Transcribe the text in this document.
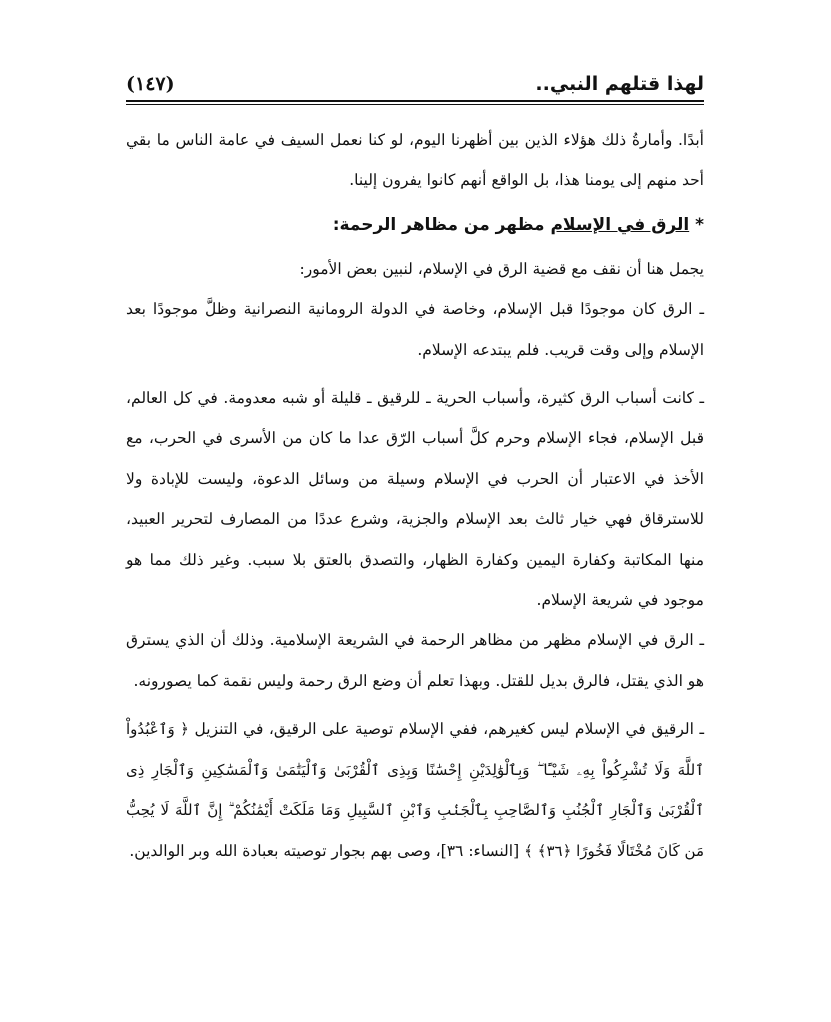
لهذا قتلهم النبي..
(١٤٧)

أبدًا. وأمارةُ ذلك هؤلاء الذين بين أظهرنا اليوم، لو كنا نعمل السيف في عامة الناس ما بقي أحد منهم إلى يومنا هذا، بل الواقع أنهم كانوا يفرون إلينا.

* الرق في الإسلام مظهر من مظاهر الرحمة:

يجمل هنا أن نقف مع قضية الرق في الإسلام، لنبين بعض الأمور:

ـ الرق كان موجودًا قبل الإسلام، وخاصة في الدولة الرومانية النصرانية وظلَّ موجودًا بعد الإسلام وإلى وقت قريب. فلم يبتدعه الإسلام.

ـ كانت أسباب الرق كثيرة، وأسباب الحرية ـ للرقيق ـ قليلة أو شبه معدومة. في كل العالم، قبل الإسلام، فجاء الإسلام وحرم كلَّ أسباب الرّق عدا ما كان من الأسرى في الحرب، مع الأخذ في الاعتبار أن الحرب في الإسلام وسيلة من وسائل الدعوة، وليست للإبادة ولا للاسترقاق فهي خيار ثالث بعد الإسلام والجزية، وشرع عددًا من المصارف لتحرير العبيد، منها المكاتبة وكفارة اليمين وكفارة الظهار، والتصدق بالعتق بلا سبب. وغير ذلك مما هو موجود في شريعة الإسلام.

ـ الرق في الإسلام مظهر من مظاهر الرحمة في الشريعة الإسلامية. وذلك أن الذي يسترق هو الذي يقتل، فالرق بديل للقتل. وبهذا تعلم أن وضع الرق رحمة وليس نقمة كما يصورونه.

ـ الرقيق في الإسلام ليس كغيرهم، ففي الإسلام توصية على الرقيق، في التنزيل ﴿ وَٱعْبُدُواْ ٱللَّهَ وَلَا تُشْرِكُواْ بِهِۦ شَيْـًٔا ۖ وَبِٱلْوَٰلِدَيْنِ إِحْسَٰنًا وَبِذِى ٱلْقُرْبَىٰ وَٱلْيَتَٰمَىٰ وَٱلْمَسَٰكِينِ وَٱلْجَارِ ذِى ٱلْقُرْبَىٰ وَٱلْجَارِ ٱلْجُنُبِ وَٱلصَّاحِبِ بِٱلْجَنۢبِ وَٱبْنِ ٱلسَّبِيلِ وَمَا مَلَكَتْ أَيْمَٰنُكُمْ ۗ إِنَّ ٱللَّهَ لَا يُحِبُّ مَن كَانَ مُخْتَالًا فَخُورًا ﴿٣٦﴾ ﴾ [النساء: ٣٦]، وصى بهم بجوار توصيته بعبادة الله وبر الوالدين.
